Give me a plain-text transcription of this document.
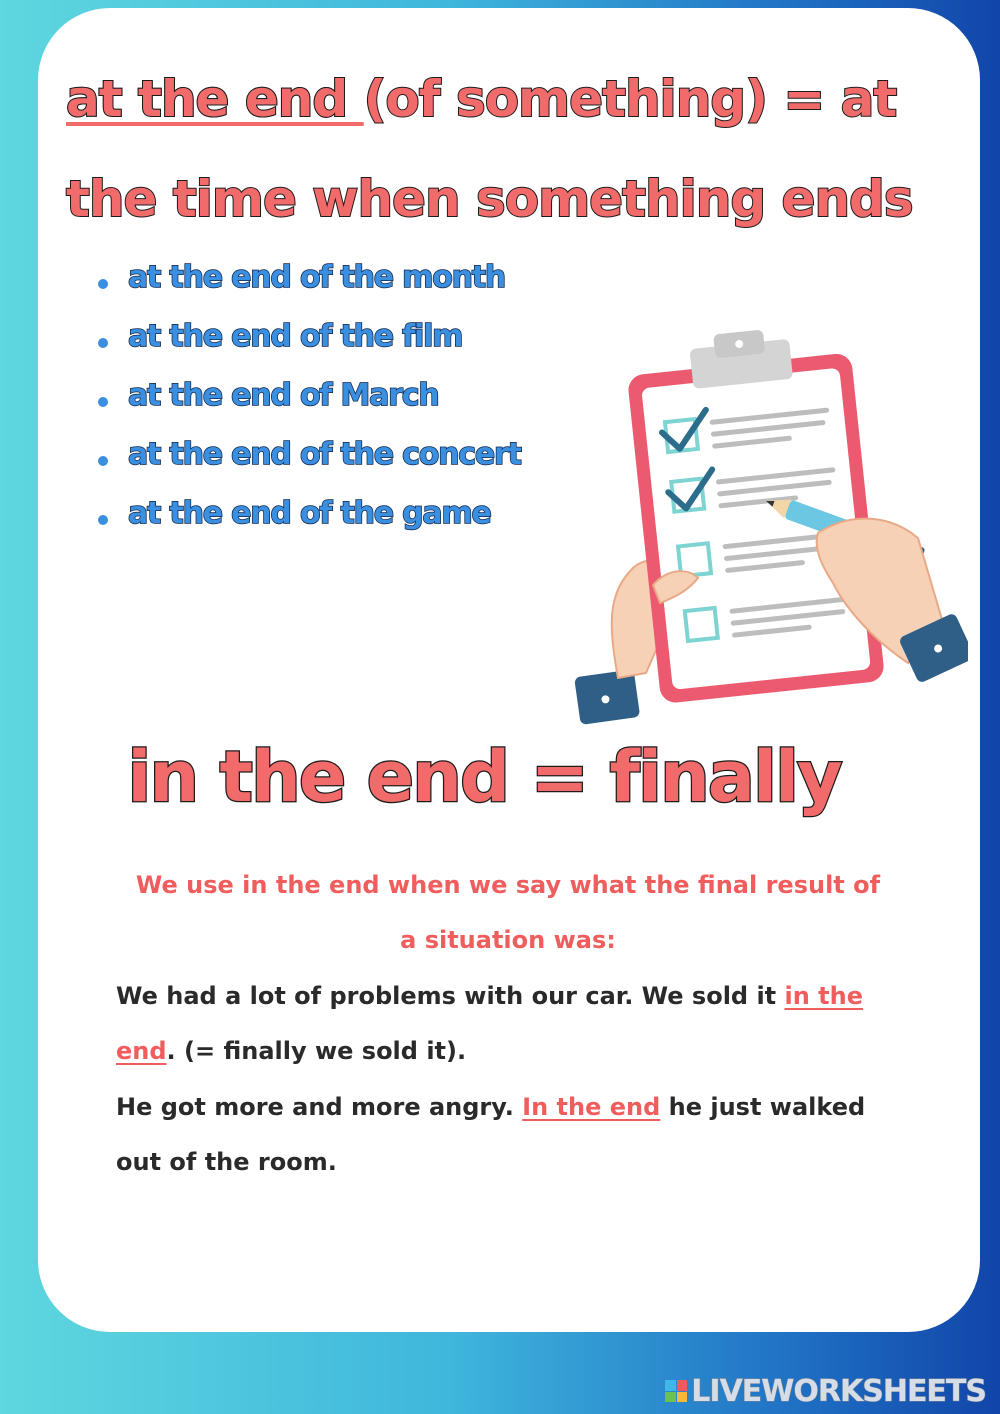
at the end (of something) = at

the time when something ends

at the end of the month
at the end of the film
at the end of March
at the end of the concert
at the end of the game

in the end = finally

We use in the end when we say what the final result of a situation was:

We had a lot of problems with our car. We sold it in the end. (= finally we sold it).

He got more and more angry. In the end he just walked out of the room.

LIVEWORKSHEETS
